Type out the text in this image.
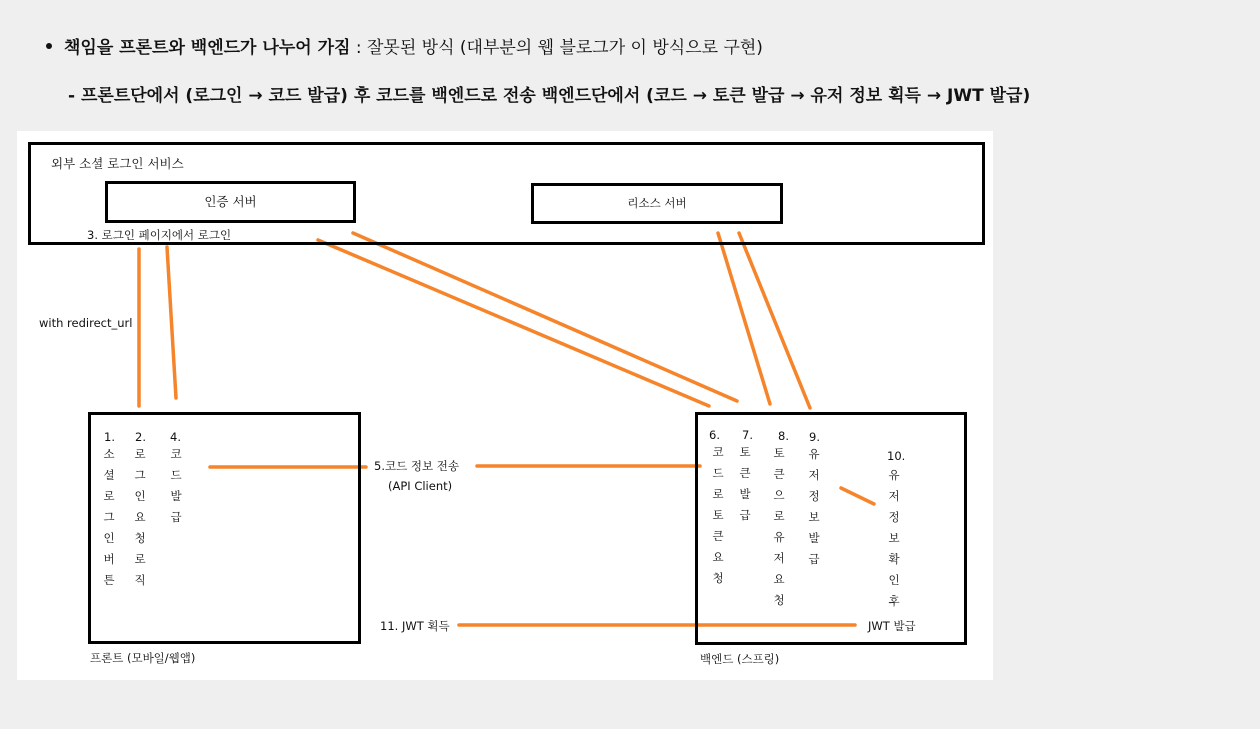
책임을 프론트와 백엔드가 나누어 가짐 : 잘못된 방식 (대부분의 웹 블로그가 이 방식으로 구현)
- 프론트단에서 (로그인 → 코드 발급) 후 코드를 백엔드로 전송 백엔드단에서 (코드 → 토큰 발급 → 유저 정보 획득 → JWT 발급)
외부 소셜 로그인 서비스
인증 서버	리소스 서버
3. 로그인 페이지에서 로그인
with redirect_url
1.
소
셜
로
그
인
버
튼
2.
로
그
인
요
청
로
직
4.
코
드
발
급
6.
코
드
로
토
큰
요
청
7.
토
큰
발
급
8.
토
큰
으
로
유
저
요
청
9.
유
저
정
보
발
급
10.
유
저
정
보
확
인
후
5.코드 정보 전송
(API Client)
11. JWT 획득	JWT 발급
프론트 (모바일/웹앱)	백엔드 (스프링)
